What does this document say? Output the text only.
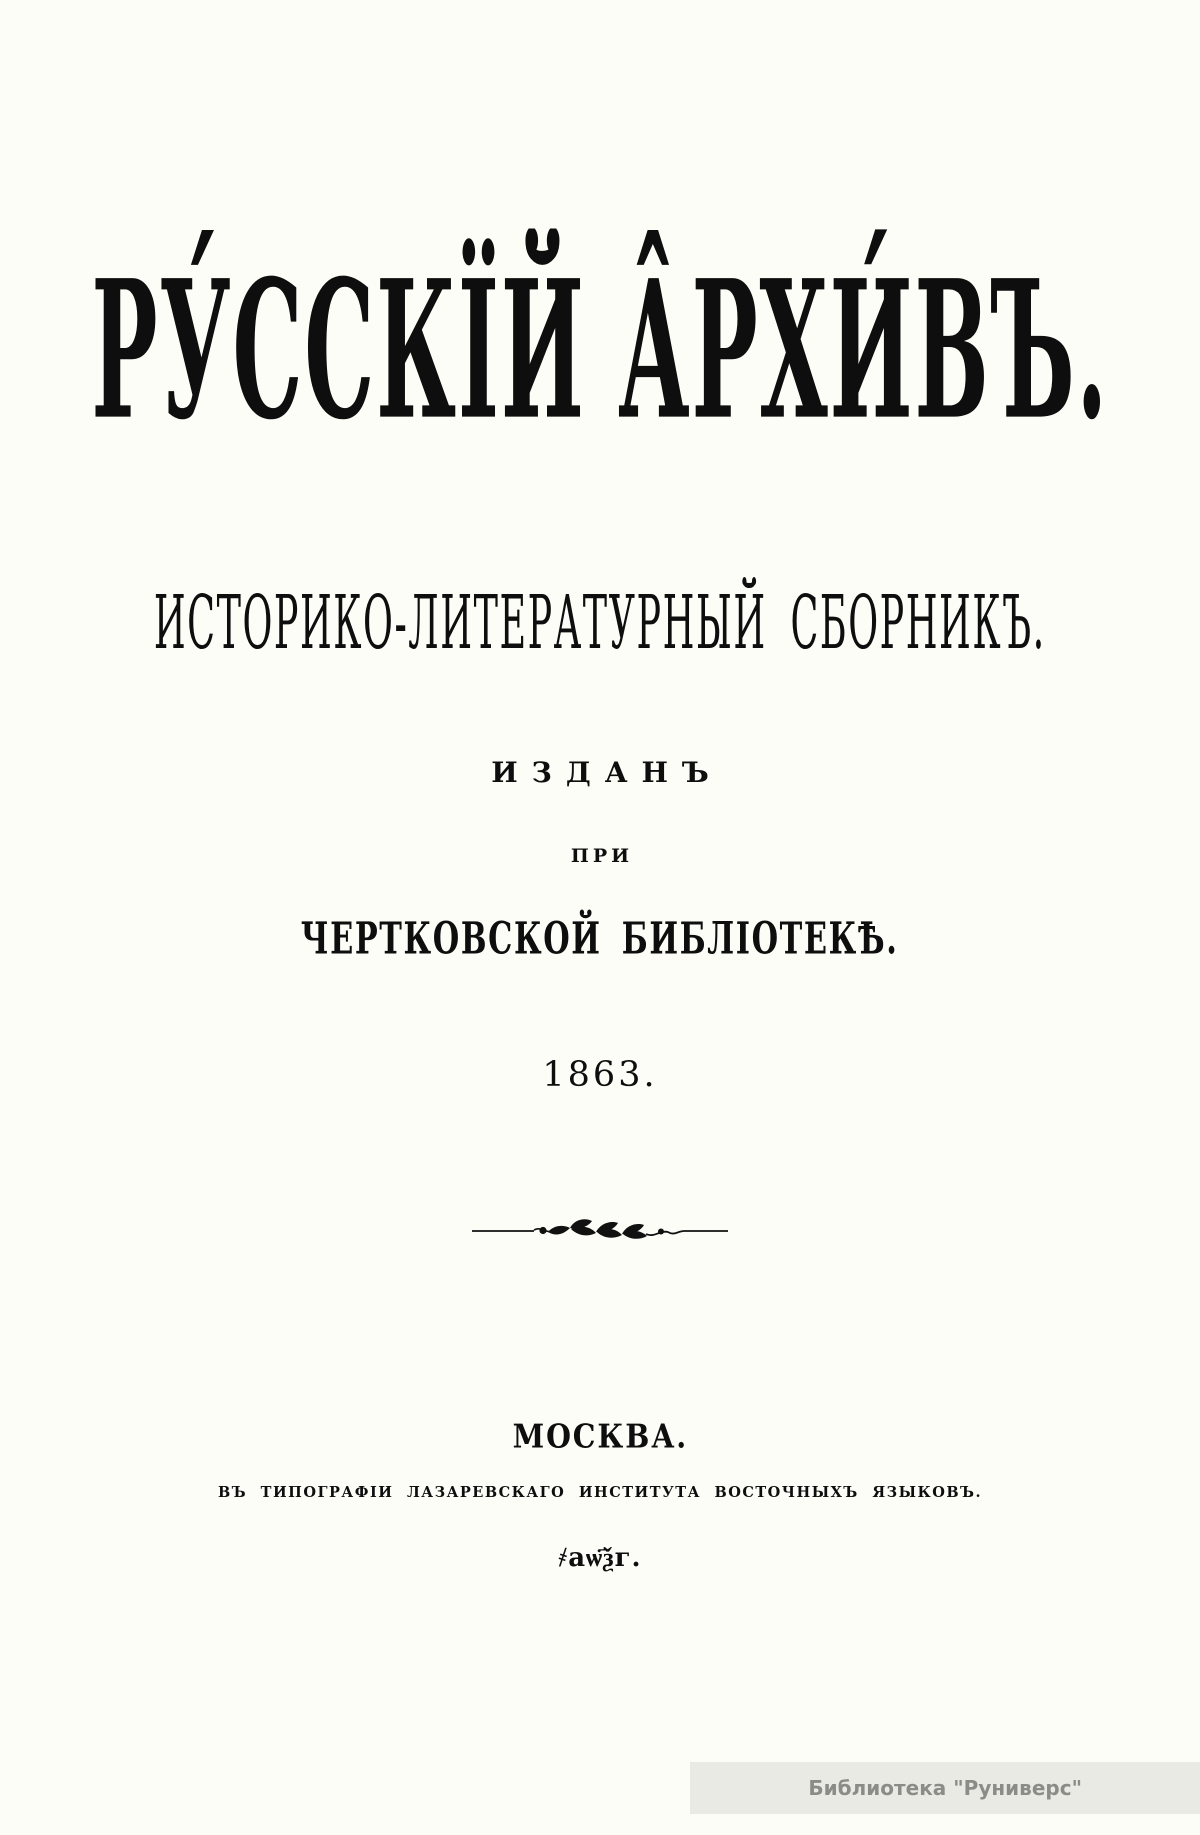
РУ́ССКЇЙ А̂РХИ́ВЪ.
ИСТОРИКО-ЛИТЕРАТУРНЫЙ СБОРНИКЪ.
ИЗДАНЪ
ПРИ
ЧЕРТКОВСКОЙ БИБЛІОТЕКѢ.
1863.
МОСКВА.
ВЪ ТИПОГРАФІИ ЛАЗАРЕВСКАГО ИНСТИТУТА ВОСТОЧНЫХЪ ЯЗЫКОВЪ.
҂аѡ҃ѯг.
Библиотека "Руниверс"
